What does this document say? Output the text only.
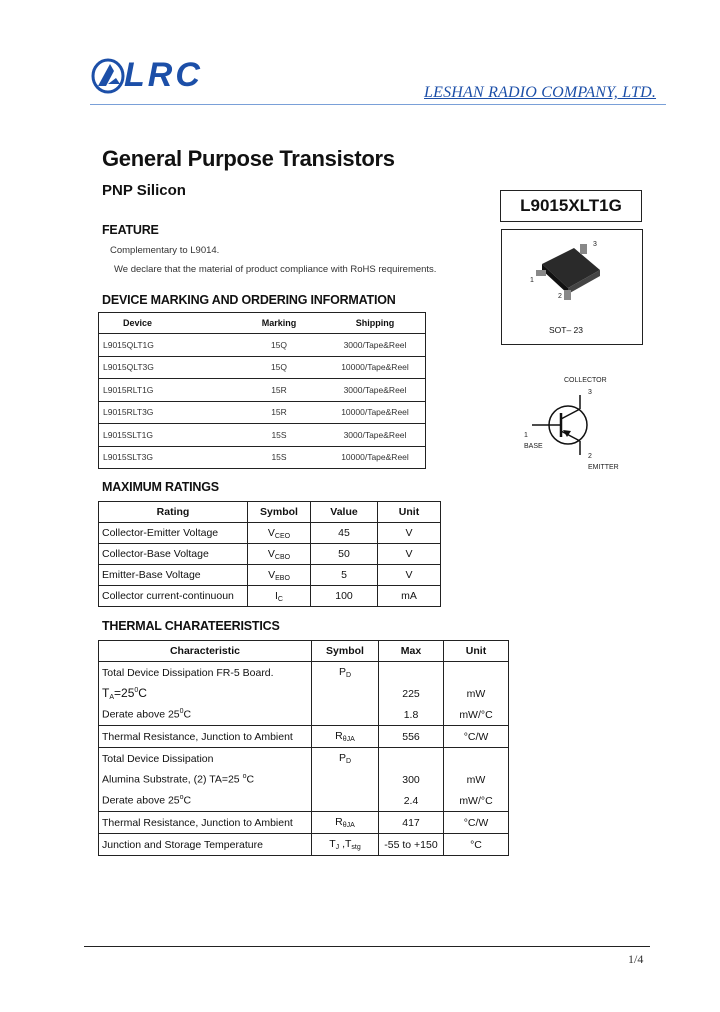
LRC	LESHAN RADIO COMPANY, LTD.
General Purpose Transistors
PNP Silicon
L9015XLT1G
FEATURE
Complementary to L9014.
We declare that the material of product compliance with RoHS requirements.
DEVICE MARKING AND ORDERING INFORMATION
Device	Marking	Shipping
L9015QLT1G	15Q	3000/Tape&Reel
L9015QLT3G	15Q	10000/Tape&Reel
L9015RLT1G	15R	3000/Tape&Reel
L9015RLT3G	15R	10000/Tape&Reel
L9015SLT1G	15S	3000/Tape&Reel
L9015SLT3G	15S	10000/Tape&Reel
MAXIMUM RATINGS
Rating	Symbol	Value	Unit
Collector-Emitter Voltage	$V_{CEO}$	45	V
Collector-Base Voltage	$V_{CBO}$	50	V
Emitter-Base Voltage	$V_{EBO}$	5	V
Collector current-continuoun	$I_C$	100	mA
THERMAL CHARATEERISTICS
Characteristic	Symbol	Max	Unit
Total Device Dissipation FR-5 Board.	$P_D$		
$T_A=25^0C$		225	mW
Derate above $25^0C$		1.8	mW/°C
Thermal Resistance, Junction to Ambient	$R_{\theta JA}$	556	°C/W
Total Device Dissipation	$P_D$		
Alumina Substrate, (2) TA=25 $^o$C		300	mW
Derate above 25$^o$C		2.4	mW/°C
Thermal Resistance, Junction to Ambient	$R_{\theta JA}$	417	°C/W
Junction and Storage Temperature	$T_J$ $,T_{stg}$	-55 to +150	°C
3
2
1
SOT– 23
COLLECTOR
3
1
BASE
2
EMITTER
1/4
